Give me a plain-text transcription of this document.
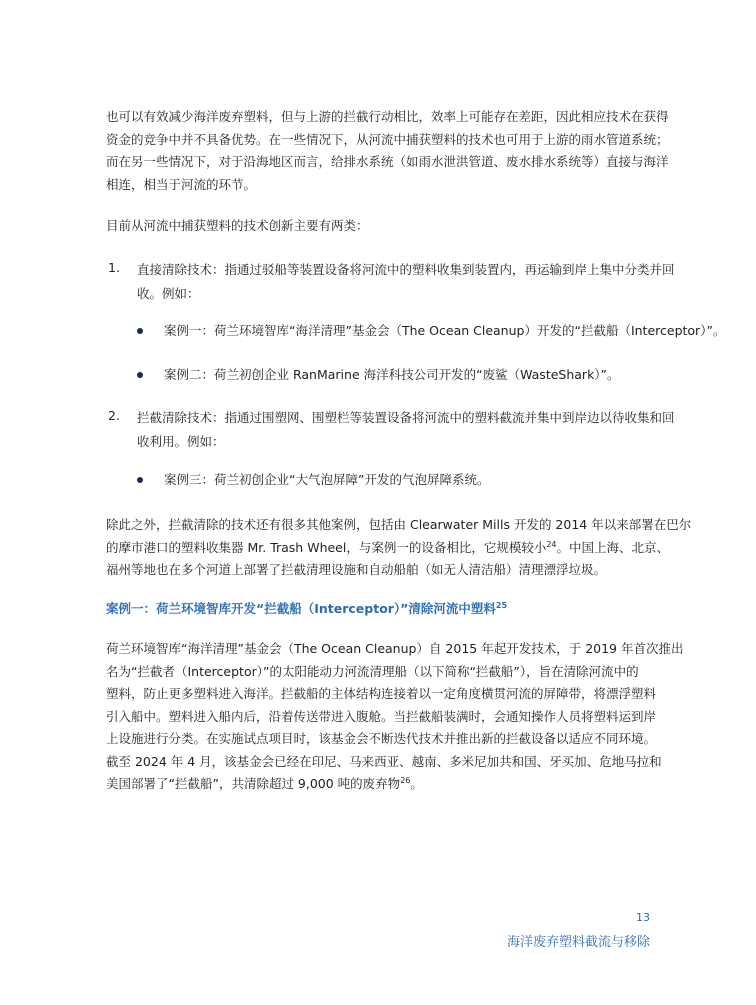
也可以有效减少海洋废弃塑料，但与上游的拦截行动相比，效率上可能存在差距，因此相应技术在获得
资金的竞争中并不具备优势。在一些情况下，从河流中捕获塑料的技术也可用于上游的雨水管道系统；
而在另一些情况下，对于沿海地区而言，给排水系统（如雨水泄洪管道、废水排水系统等）直接与海洋
相连，相当于河流的环节。
目前从河流中捕获塑料的技术创新主要有两类：
1. 直接清除技术：指通过驳船等装置设备将河流中的塑料收集到装置内，再运输到岸上集中分类并回
收。例如：
案例一：荷兰环境智库“海洋清理”基金会（The Ocean Cleanup）开发的“拦截船（Interceptor）”。
案例二：荷兰初创企业 RanMarine 海洋科技公司开发的“废鲨（WasteShark）”。
2. 拦截清除技术：指通过围塑网、围塑栏等装置设备将河流中的塑料截流并集中到岸边以待收集和回
收利用。例如：
案例三：荷兰初创企业“大气泡屏障”开发的气泡屏障系统。
除此之外，拦截清除的技术还有很多其他案例，包括由 Clearwater Mills 开发的 2014 年以来部署在巴尔
的摩市港口的塑料收集器 Mr. Trash Wheel，与案例一的设备相比，它规模较小$^{24}$。中国上海、北京、
福州等地也在多个河道上部署了拦截清理设施和自动船舶（如无人清洁船）清理漂浮垃圾。
案例一：荷兰环境智库开发“拦截船（Interceptor）”清除河流中塑料$^{25}$
荷兰环境智库“海洋清理”基金会（The Ocean Cleanup）自 2015 年起开发技术，于 2019 年首次推出
名为“拦截者（Interceptor）”的太阳能动力河流清理船（以下简称“拦截船”），旨在清除河流中的
塑料，防止更多塑料进入海洋。拦截船的主体结构连接着以一定角度横贯河流的屏障带，将漂浮塑料
引入船中。塑料进入船内后，沿着传送带进入腹舱。当拦截船装满时，会通知操作人员将塑料运到岸
上设施进行分类。在实施试点项目时，该基金会不断迭代技术并推出新的拦截设备以适应不同环境。
截至 2024 年 4 月，该基金会已经在印尼、马来西亚、越南、多米尼加共和国、牙买加、危地马拉和
美国部署了“拦截船”，共清除超过 9,000 吨的废弃物$^{26}$。
13
海洋废弃塑料截流与移除
